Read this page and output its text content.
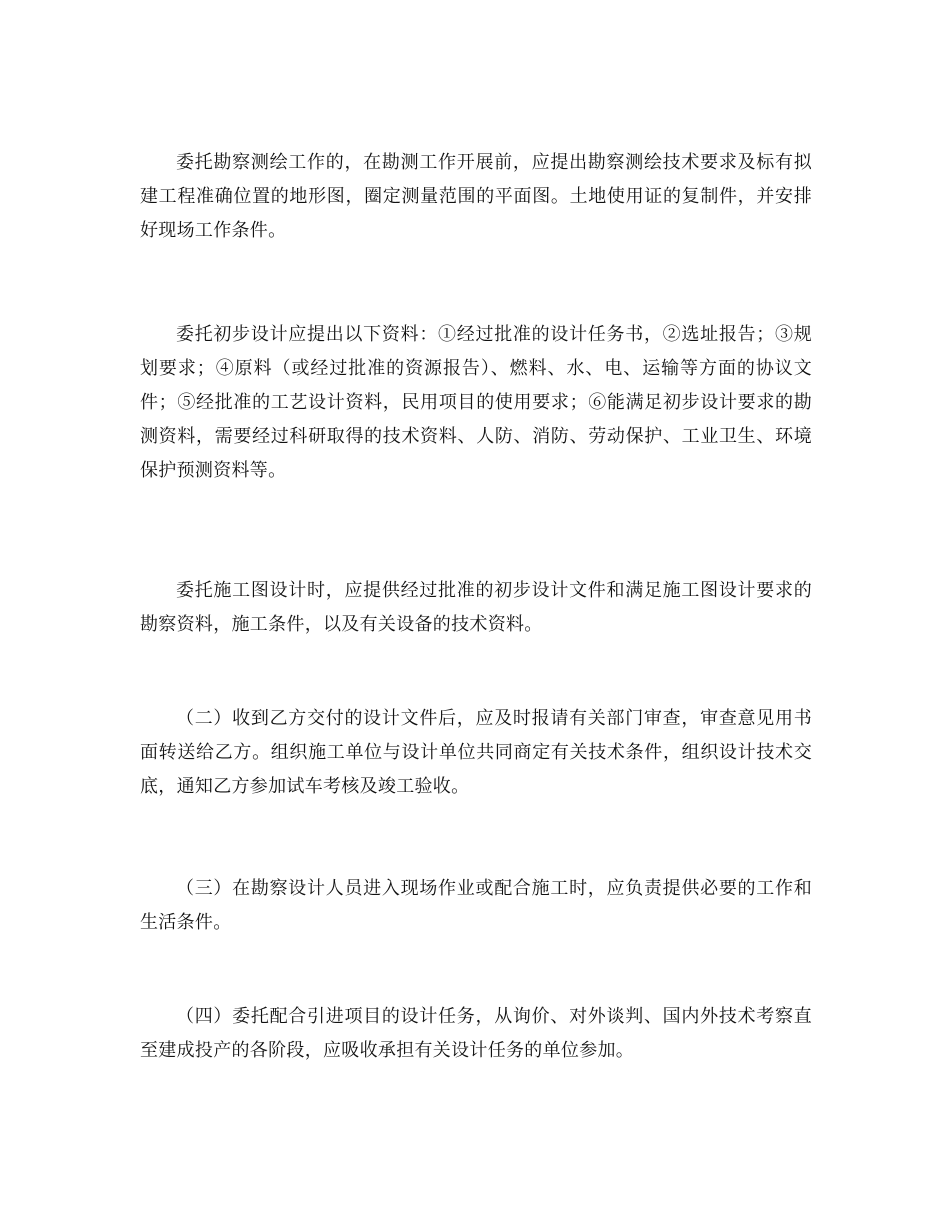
委托勘察测绘工作的，在勘测工作开展前，应提出勘察测绘技术要求及标有拟建工程准确位置的地形图，圈定测量范围的平面图。土地使用证的复制件，并安排好现场工作条件。

委托初步设计应提出以下资料：①经过批准的设计任务书，②选址报告；③规划要求；④原料（或经过批准的资源报告）、燃料、水、电、运输等方面的协议文件；⑤经批准的工艺设计资料，民用项目的使用要求；⑥能满足初步设计要求的勘测资料，需要经过科研取得的技术资料、人防、消防、劳动保护、工业卫生、环境保护预测资料等。

委托施工图设计时，应提供经过批准的初步设计文件和满足施工图设计要求的勘察资料，施工条件，以及有关设备的技术资料。

（二）收到乙方交付的设计文件后，应及时报请有关部门审查，审查意见用书面转送给乙方。组织施工单位与设计单位共同商定有关技术条件，组织设计技术交底，通知乙方参加试车考核及竣工验收。

（三）在勘察设计人员进入现场作业或配合施工时，应负责提供必要的工作和生活条件。

（四）委托配合引进项目的设计任务，从询价、对外谈判、国内外技术考察直至建成投产的各阶段，应吸收承担有关设计任务的单位参加。
